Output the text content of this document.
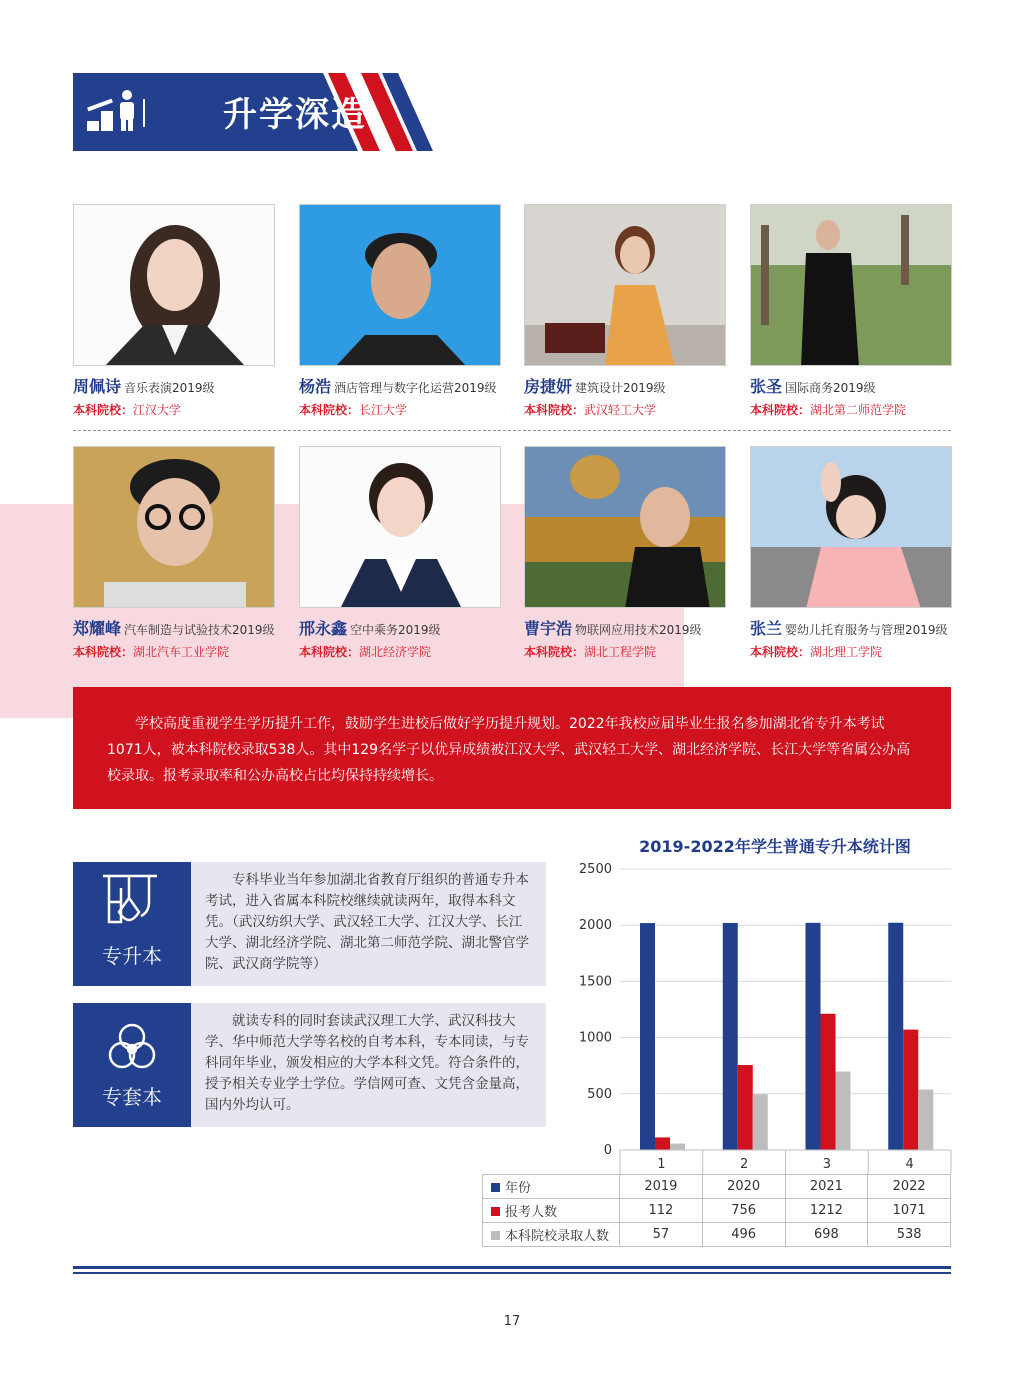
升学深造
周佩诗 音乐表演2019级
本科院校：江汉大学
杨浩 酒店管理与数字化运营2019级
本科院校：长江大学
房捷妍 建筑设计2019级
本科院校：武汉轻工大学
张圣 国际商务2019级
本科院校：湖北第二师范学院
郑耀峰 汽车制造与试验技术2019级
本科院校：湖北汽车工业学院
邢永鑫 空中乘务2019级
本科院校：湖北经济学院
曹宇浩 物联网应用技术2019级
本科院校：湖北工程学院
张兰 婴幼儿托育服务与管理2019级
本科院校：湖北理工学院
学校高度重视学生学历提升工作，鼓励学生进校后做好学历提升规划。2022年我校应届毕业生报名参加湖北省专升本考试1071人，被本科院校录取538人。其中129名学子以优异成绩被江汉大学、武汉轻工大学、湖北经济学院、长江大学等省属公办高校录取。报考录取率和公办高校占比均保持持续增长。
专升本
专科毕业当年参加湖北省教育厅组织的普通专升本考试，进入省属本科院校继续就读两年，取得本科文凭。（武汉纺织大学、武汉轻工大学、江汉大学、长江大学、湖北经济学院、湖北第二师范学院、湖北警官学院、武汉商学院等）
专套本
就读专科的同时套读武汉理工大学、武汉科技大学、华中师范大学等名校的自考本科，专本同读，与专科同年毕业，颁发相应的大学本科文凭。符合条件的，授予相关专业学士学位。学信网可查、文凭含金量高，国内外均认可。
2019-2022年学生普通专升本统计图
0
500
1000
1500
2000
2500
1	2	3	4
年份	2019	2020	2021	2022
报考人数	112	756	1212	1071
本科院校录取人数	57	496	698	538
17
